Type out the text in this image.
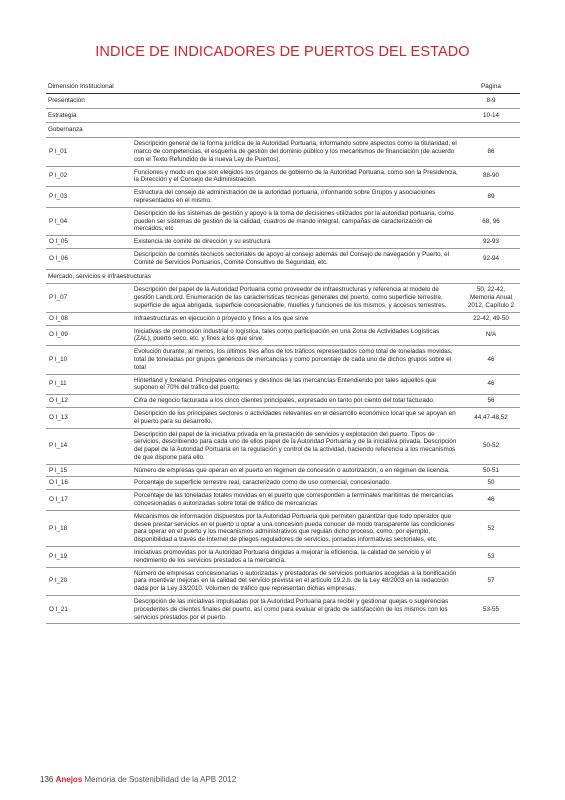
INDICE DE INDICADORES DE PUERTOS DEL ESTADO
Dimensión Institucional		Página
Presentación		8-9
Estrategia		10-14
Gobernanza		
P I_01	Descripción general de la forma jurídica de la Autoridad Portuaria, informando sobre aspectos como la titularidad, el marco de competencias, el esquema de gestión del dominio público y los mecanismos de financiación (de acuerdo con el Texto Refundido de la nueva Ley de Puertos).	86
P I_02	Funciones y modo en que son elegidos los órganos de gobierno de la Autoridad Portuaria, como son la Presidencia, la Dirección y el Consejo de Administración.	88-90
P I_03	Estructura del consejo de administración de la autoridad portuaria, informando sobre Grupos y asociaciones representados en el mismo.	89
P I_04	Descripción de los sistemas de gestión y apoyo a la toma de decisiones utilizados por la autoridad portuaria, como pueden ser sistemas de gestión de la calidad, cuadros de mando integral, campañas de caracterización de mercados, etc	68, 96
O I_05	Existencia de comité de dirección y su estructura	92-93
O I_06	Descripción de comités técnicos sectoriales de apoyo al consejo además del Consejo de navegación y Puerto, el Comité de Servicios Portuarios, Comité Consultivo de Seguridad, etc.	92-94
Mercado, servicios e infraestructuras		
P I_07	Descripción del papel de la Autoridad Portuaria como proveedor de infraestructuras y referencia al modelo de gestión LandLord. Enumeración de las características técnicas generales del puerto, como superficie terrestre, superficie de agua abrigada, superficie concesionable, muelles y funciones de los mismos, y accesos terrestres.	50, 22-42, Memoria Anual 2012, Capítulo 2
O I_08	Infraestructuras en ejecución o proyecto y fines a los que sirve	22-42, 49-50
O I_09	Iniciativas de promoción industrial o logística, tales como participación en una Zona de Actividades Logísticas (ZAL), puerto seco, etc. y fines a los que sirve.	N/A
P I_10	Evolución durante, al menos, los últimos tres años de los tráficos representados como total de toneladas movidas, total de toneladas por grupos genéricos de mercancías y como porcentaje de cada uno de dichos grupos sobre el total	46
P I_11	Hinterland y foreland. Principales orígenes y destinos de las mercancías Entendiendo por tales aquellos que suponen el 70% del tráfico del puerto.	46
O I_12	Cifra de negocio facturada a los cinco clientes principales, expresado en tanto por ciento del total facturado.	56
O I_13	Descripción de los principales sectores o actividades relevantes en el desarrollo económico local que se apoyan en el puerto para su desarrollo.	44,47-48,52
P I_14	Descripción del papel de la iniciativa privada en la prestación de servicios y explotación del puerto. Tipos de servicios, describiendo para cada uno de ellos papel de la Autoridad Portuaria y de la iniciativa privada. Descripción del papel de la Autoridad Portuaria en la regulación y control de la actividad, haciendo referencia a los mecanismos de que dispone para ello.	50-52
P I_15	Número de empresas que operan en el puerto en régimen de concesión o autorización, o en régimen de licencia.	50-51
O I_16	Porcentaje de superficie terrestre real, caracterizado como de uso comercial, concesionado.	50
O I_17	Porcentaje de las toneladas totales movidas en el puerto que corresponden a terminales marítimas de mercancías concesionadas o autorizadas sobre total de tráfico de mercancías	46
P I_18	Mecanismos de información dispuestos por la Autoridad Portuaria que permiten garantizar que todo operador que desee prestar servicios en el puerto u optar a una concesión pueda conocer de modo transparente las condiciones para operar en el puerto y los mecanismos administrativos que regulan dicho proceso, como, por ejemplo, disponibilidad a través de Internet de pliegos reguladores de servicios, jornadas informativas sectoriales, etc.	52
P I_19	Iniciativas promovidas por la Autoridad Portuaria dirigidas a mejorar la eficiencia, la calidad de servicio y el rendimiento de los servicios prestados a la mercancía.	53
P I_20	Número de empresas concesionarias o autorizadas y prestadoras de servicios portuarios acogidas a la bonificación para incentivar mejoras en la calidad del servicio prevista en el artículo 19.2.b. de la Ley 48/2003 en la redacción dada por la Ley 33/2010. Volumen de tráfico que representan dichas empresas.	57
O I_21	Descripción de las iniciativas impulsadas por la Autoridad Portuaria para recibir y gestionar quejas o sugerencias procedentes de clientes finales del puerto, así como para evaluar el grado de satisfacción de los mismos con los servicios prestados por el puerto.	53-55
136 Anejos Memoria de Sostenibilidad de la APB 2012
